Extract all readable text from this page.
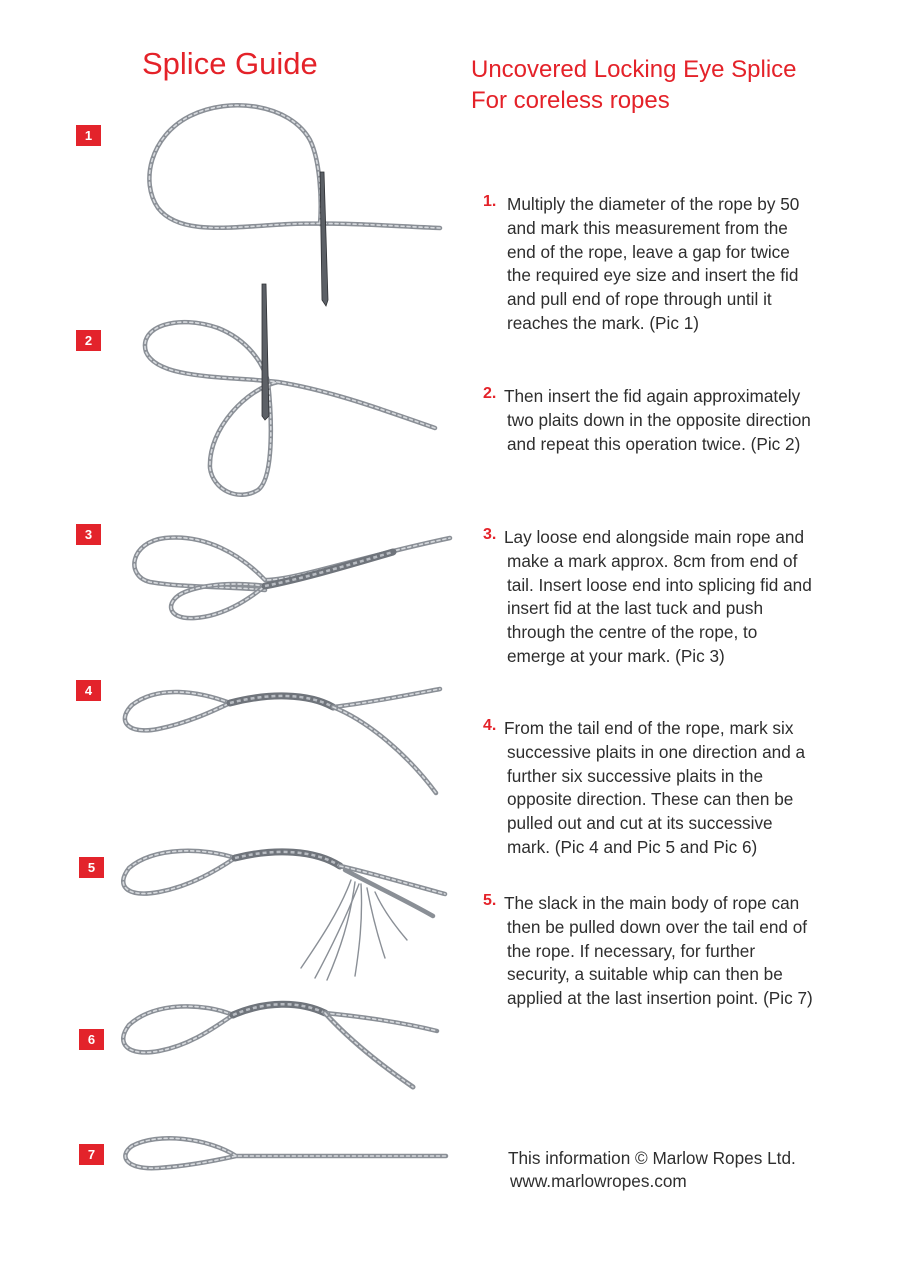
Splice Guide	Uncovered Locking Eye Splice
For coreless ropes
1
2
3
4
5
6
7
1. Multiply the diameter of the rope by 50
and mark this measurement from the
end of the rope, leave a gap for twice
the required eye size and insert the fid
and pull end of rope through until it
reaches the mark. (Pic 1)
2. Then insert the fid again approximately
two plaits down in the opposite direction
and repeat this operation twice. (Pic 2)
3. Lay loose end alongside main rope and
make a mark approx. 8cm from end of
tail. Insert loose end into splicing fid and
insert fid at the last tuck and push
through the centre of the rope, to
emerge at your mark. (Pic 3)
4. From the tail end of the rope, mark six
successive plaits in one direction and a
further six successive plaits in the
opposite direction. These can then be
pulled out and cut at its successive
mark. (Pic 4 and Pic 5 and Pic 6)
5. The slack in the main body of rope can
then be pulled down over the tail end of
the rope. If necessary, for further
security, a suitable whip can then be
applied at the last insertion point. (Pic 7)
This information © Marlow Ropes Ltd.
www.marlowropes.com
